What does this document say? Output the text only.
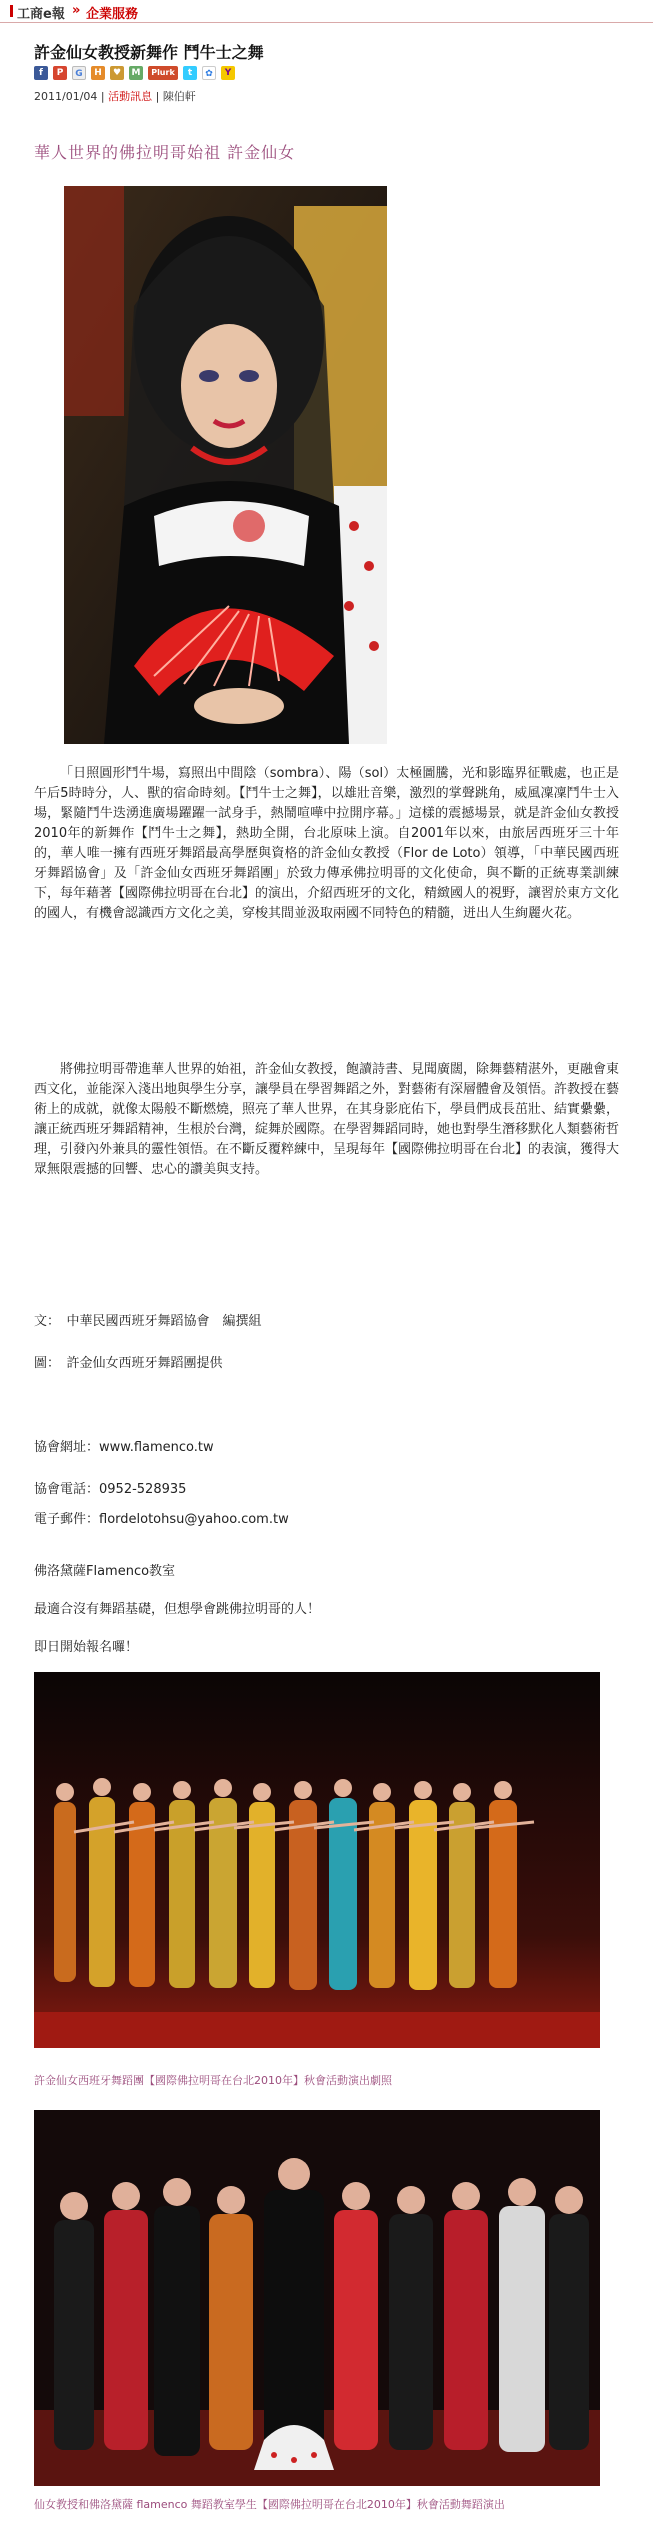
工商e報 » 企業服務
許金仙女教授新舞作 鬥牛士之舞
f	P	G	H	♥	M	Plurk	t	✿	Y
2011/01/04 | 活動訊息 | 陳伯軒
華人世界的佛拉明哥始祖 許金仙女

「日照圓形鬥牛場，寫照出中間陰（sombra）、陽（sol）太極圖騰，光和影臨界征戰處，也正是午后5時時分，人、獸的宿命時刻。【鬥牛士之舞】，以雄壯音樂，激烈的掌聲跳角，威風凜凜鬥牛士入場，緊隨鬥牛迭湧進廣場躍躍一試身手，熱鬧喧嘩中拉開序幕。」這樣的震撼場景，就是許金仙女教授2010年的新舞作【鬥牛士之舞】，熱助全開，台北原味上演。自2001年以來，由旅居西班牙三十年的，華人唯一擁有西班牙舞蹈最高學歷與資格的許金仙女教授（Flor de Loto）領導，「中華民國西班牙舞蹈協會」及「許金仙女西班牙舞蹈團」於致力傳承佛拉明哥的文化使命，與不斷的正統專業訓練下，每年藉著【國際佛拉明哥在台北】的演出，介紹西班牙的文化，精緻國人的視野，讓習於東方文化的國人，有機會認識西方文化之美，穿梭其間並汲取兩國不同特色的精髓，迸出人生絢麗火花。

將佛拉明哥帶進華人世界的始祖，許金仙女教授，飽讀詩書、見聞廣闊，除舞藝精湛外，更融會東西文化，並能深入淺出地與學生分享，讓學員在學習舞蹈之外，對藝術有深層體會及領悟。許教授在藝術上的成就，就像太陽般不斷燃燒，照亮了華人世界，在其身影庇佑下，學員們成長茁壯、結實纍纍，讓正統西班牙舞蹈精神，生根於台灣，綻舞於國際。在學習舞蹈同時，她也對學生潛移默化人類藝術哲理，引發內外兼具的靈性領悟。在不斷反覆粹練中，呈現每年【國際佛拉明哥在台北】的表演，獲得大眾無限震撼的回響、忠心的讚美與支持。

文：　中華民國西班牙舞蹈協會　編撰組
圖：　許金仙女西班牙舞蹈團提供
協會網址：www.flamenco.tw
協會電話：0952-528935
電子郵件：flordelotohsu@yahoo.com.tw
佛洛黛薩Flamenco教室
最適合沒有舞蹈基礎，但想學會跳佛拉明哥的人！
即日開始報名囉！
許金仙女西班牙舞蹈團【國際佛拉明哥在台北2010年】秋會活動演出劇照
仙女教授和佛洛黛薩 flamenco 舞蹈教室學生【國際佛拉明哥在台北2010年】秋會活動舞蹈演出
